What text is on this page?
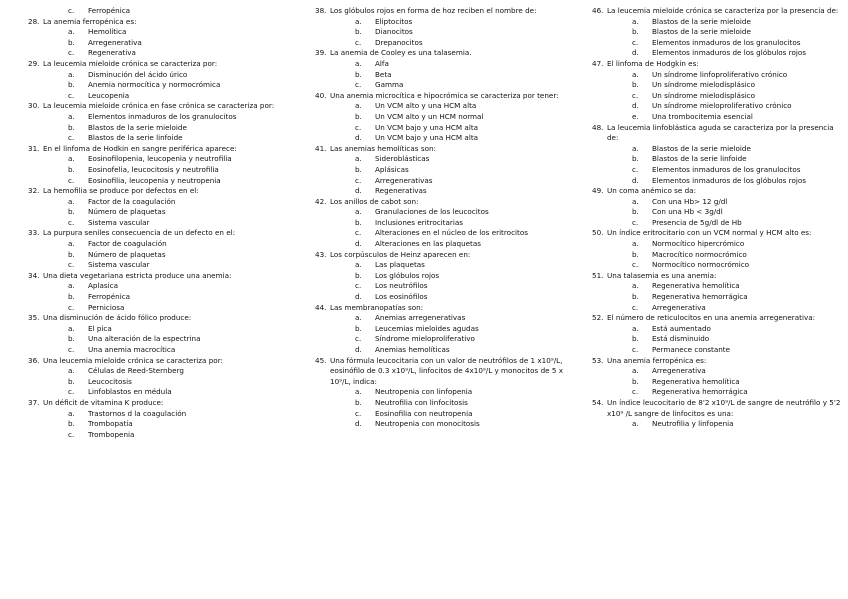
c.	Ferropénica
28. La anemia ferropénica es:
a.	Hemolítica
b.	Arregenerativa
c.	Regenerativa
29. La leucemia mieloide crónica se caracteriza por:
a.	Disminución del ácido úrico
b.	Anemia normocítica y normocrómica
c.	Leucopenia
30. La leucemia mieloide crónica en fase crónica se caracteriza por:
a.	Elementos inmaduros de los granulocitos
b.	Blastos de la serie mieloide
c.	Blastos de la serie linfoide
31. En el linfoma de Hodkin en sangre periférica aparece:
a.	Eosinofilopenia, leucopenia y neutrofilia
b.	Eosinofelia, leucocitosis y neutrofilia
c.	Eosinofilia, leucopenia y neutropenia
32. La hemofilia se produce por defectos en el:
a.	Factor de la coagulación
b.	Número de plaquetas
c.	Sistema vascular
33. La purpura seniles consecuencia de un defecto en el:
a.	Factor de coagulación
b.	Número de plaquetas
c.	Sistema vascular
34. Una dieta vegetariana estricta produce una anemia:
a.	Aplasica
b.	Ferropénica
c.	Perniciosa
35. Una disminución de ácido fólico produce:
a.	El pica
b.	Una alteración de la espectrina
c.	Una anemia macrocítica
36. Una leucemia mieloide crónica se caracteriza por:
a.	Células de Reed-Sternberg
b.	Leucocitosis
c.	Linfoblastos en médula
37. Un déficit de vitamina K produce:
a.	Trastornos d la coagulación
b.	Trombopatía
c.	Trombopenia
38. Los glóbulos rojos en forma de hoz reciben el nombre de:
a.	Eliptocitos
b.	Dianocitos
c.	Drepanocitos
39. La anemia de Cooley es una talasemia.
a.	Alfa
b.	Beta
c.	Gamma
40. Una anemia microcítica e hipocrómica se caracteriza por tener:
a.	Un VCM alto y una HCM alta
b.	Un VCM alto y un HCM normal
c.	Un VCM bajo y una HCM alta
d.	Un VCM bajo y una HCM alta
41. Las anemias hemolíticas son:
a.	Sideroblásticas
b.	Aplásicas
c.	Arregenerativas
d.	Regenerativas
42. Los anillos de cabot son:
a.	Granulaciones de los leucocitos
b.	Inclusiones eritrocitarias
c.	Alteraciones en el núcleo de los eritrocitos
d.	Alteraciones en las plaquetas
43. Los corpúsculos de Heinz aparecen en:
a.	Las plaquetas
b.	Los glóbulos rojos
c.	Los neutrófilos
d.	Los eosinófilos
44. Las membranopatías son:
a.	Anemias arregenerativas
b.	Leucemias mieloides agudas
c.	Síndrome mieloproliferativo
d.	Anemias hemolíticas
45. Una fórmula leucocitaria con un valor de neutrófilos de 1 x10⁹/L, eosinófilo de 0.3 x10⁹/L, linfocitos de 4x10⁹/L y monocitos de 5 x 10⁹/L, indica:
a.	Neutropenia con linfopenia
b.	Neutrofilia con linfocitosis
c.	Eosinofilia con neutropenia
d.	Neutropenia con monocitosis
46. La leucemia mieloide crónica se caracteriza por la presencia de:
a.	Blastos de la serie mieloide
b.	Blastos de la serie mieloide
c.	Elementos inmaduros de los granulocitos
d.	Elementos inmaduros de los glóbulos rojos
47. El linfoma de Hodgkin es:
a.	Un síndrome linfoproliferativo crónico
b.	Un síndrome mielodisplásico
c.	Un síndrome mielodisplásico
d.	Un síndrome mieloproliferativo crónico
e.	Una trombocitemia esencial
48. La leucemia linfoblástica aguda se caracteriza por la presencia de:
a.	Blastos de la serie mieloide
b.	Blastos de la serie linfoide
c.	Elementos inmaduros de los granulocitos
d.	Elementos inmaduros de los glóbulos rojos
49. Un coma anémico se da:
a.	Con una Hb> 12 g/dl
b.	Con una Hb < 3g/dl
c.	Presencia de 5g/dl de Hb
50. Un índice eritrocitario con un VCM normal y HCM alto es:
a.	Normocítico hipercrómico
b.	Macrocítico normocrómico
c.	Normocítico normocrómico
51. Una talasemia es una anemia:
a.	Regenerativa hemolítica
b.	Regenerativa hemorrágica
c.	Arregenerativa
52. El número de reticulocitos en una anemia arregenerativa:
a.	Está aumentado
b.	Está disminuido
c.	Permanece constante
53. Una anemia ferropénica es:
a.	Arregenerativa
b.	Regenerativa hemolítica
c.	Regenerativa hemorrágica
54. Un índice leucocitario de 8'2 x10⁹/L de sangre de neutrófilo y 5'2 x10⁹ /L sangre de linfocitos es una:
a.	Neutrofilia y linfopenia
